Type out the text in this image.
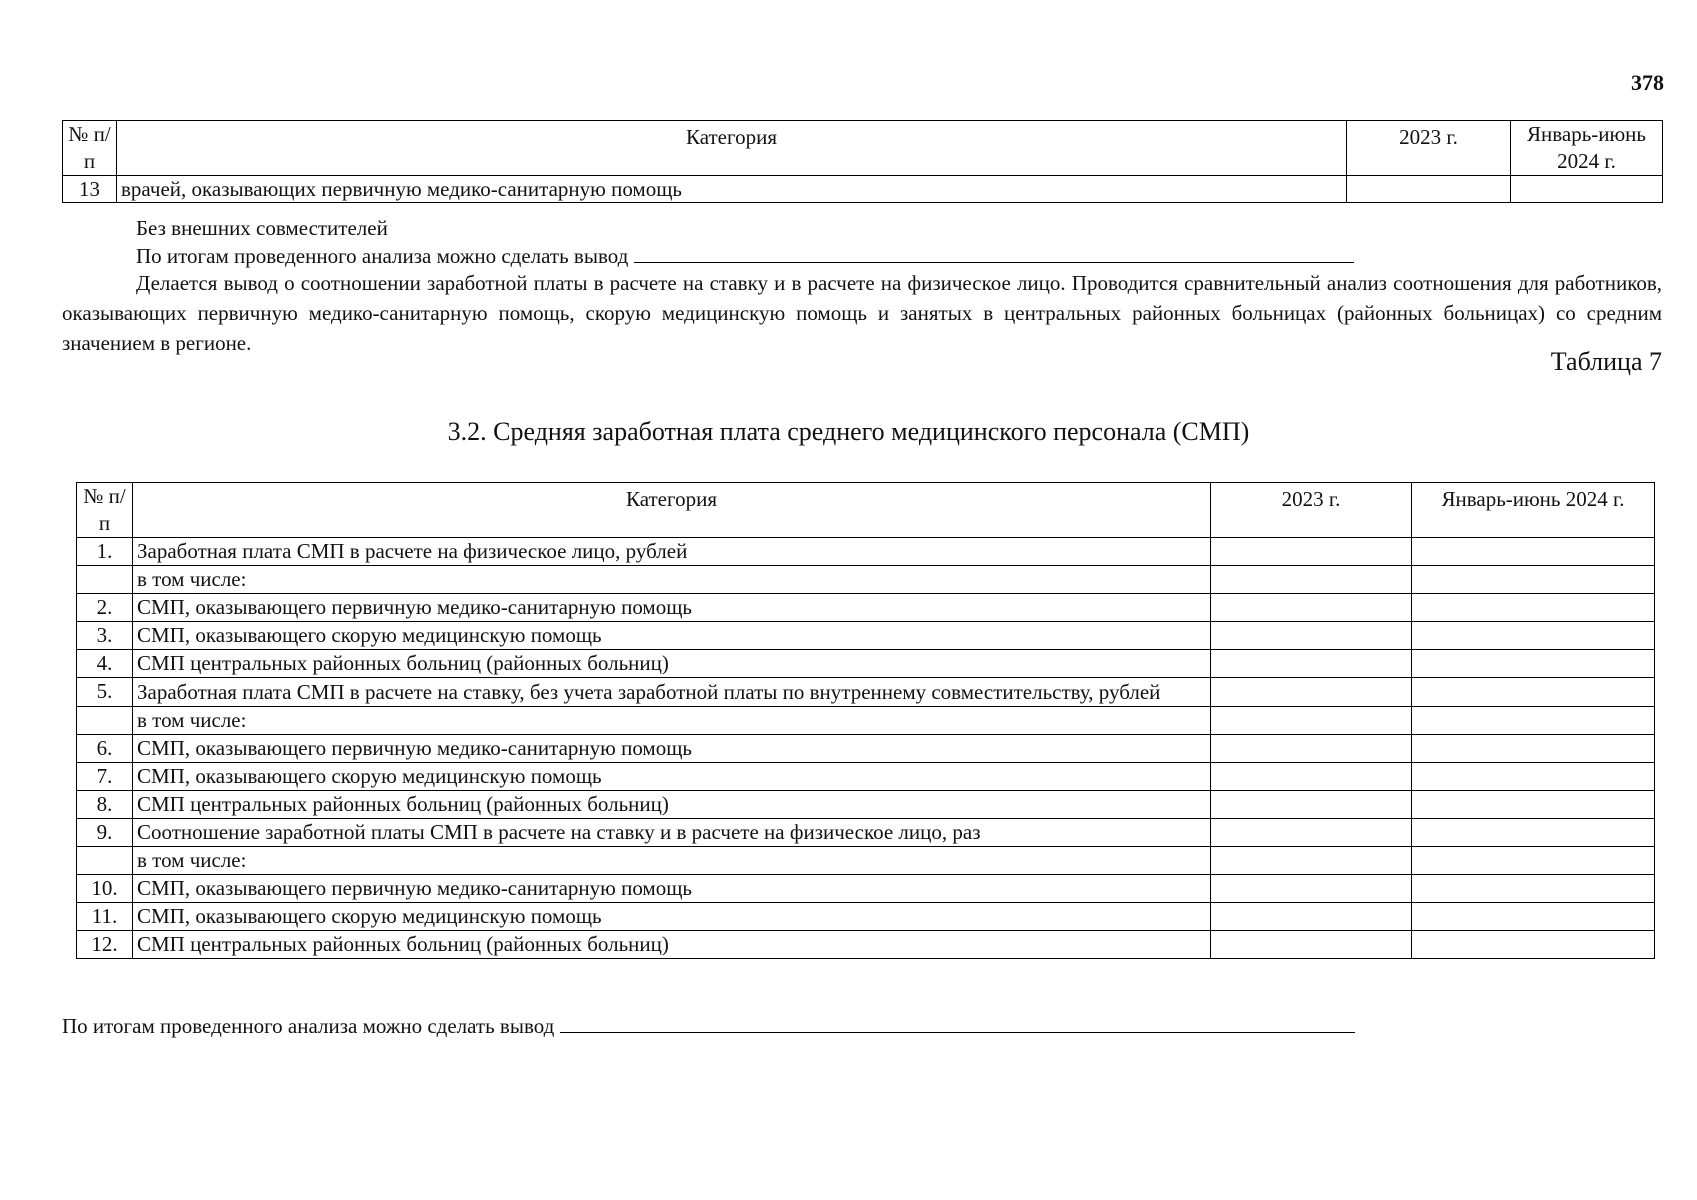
378
№ п/п	Категория	2023 г.	Январь-июнь 2024 г.
13	врачей, оказывающих первичную медико-санитарную помощь		
Без внешних совместителей
По итогам проведенного анализа можно сделать вывод
Делается вывод о соотношении заработной платы в расчете на ставку и в расчете на физическое лицо. Проводится сравнительный анализ соотношения для работников, оказывающих первичную медико-санитарную помощь, скорую медицинскую помощь и занятых в центральных районных больницах (районных больницах) со средним значением в регионе.
Таблица 7
3.2. Средняя заработная плата среднего медицинского персонала (СМП)
№ п/п	Категория	2023 г.	Январь-июнь 2024 г.
1.	Заработная плата СМП в расчете на физическое лицо, рублей		
	в том числе:		
2.	СМП, оказывающего первичную медико-санитарную помощь		
3.	СМП, оказывающего скорую медицинскую помощь		
4.	СМП центральных районных больниц (районных больниц)		
5.	Заработная плата СМП в расчете на ставку, без учета заработной платы по внутреннему совместительству, рублей		
	в том числе:		
6.	СМП, оказывающего первичную медико-санитарную помощь		
7.	СМП, оказывающего скорую медицинскую помощь		
8.	СМП центральных районных больниц (районных больниц)		
9.	Соотношение заработной платы СМП в расчете на ставку и в расчете на физическое лицо, раз		
	в том числе:		
10.	СМП, оказывающего первичную медико-санитарную помощь		
11.	СМП, оказывающего скорую медицинскую помощь		
12.	СМП центральных районных больниц (районных больниц)		
По итогам проведенного анализа можно сделать вывод
